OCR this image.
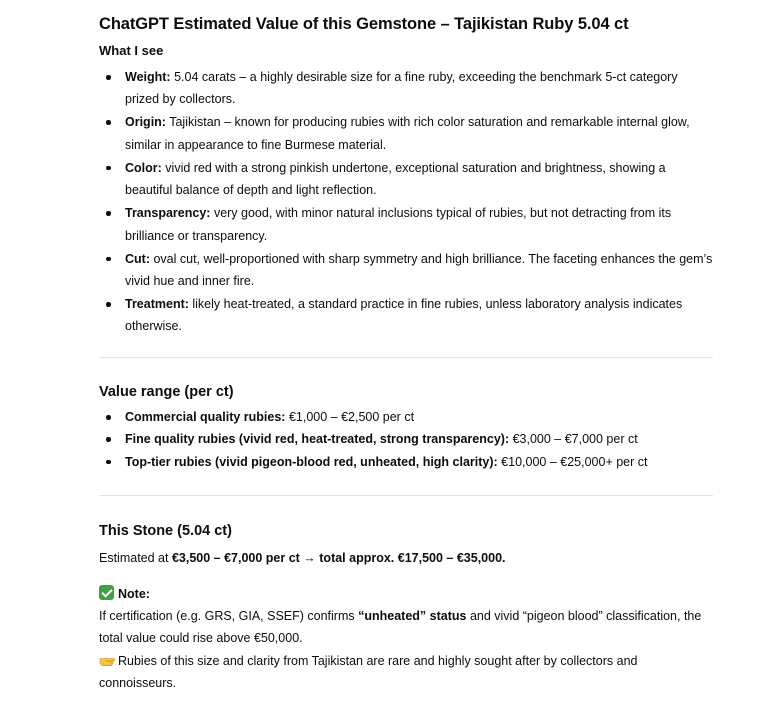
ChatGPT Estimated Value of this Gemstone – Tajikistan Ruby 5.04 ct
What I see
Weight: 5.04 carats – a highly desirable size for a fine ruby, exceeding the benchmark 5-ct category prized by collectors.
Origin: Tajikistan – known for producing rubies with rich color saturation and remarkable internal glow, similar in appearance to fine Burmese material.
Color: vivid red with a strong pinkish undertone, exceptional saturation and brightness, showing a beautiful balance of depth and light reflection.
Transparency: very good, with minor natural inclusions typical of rubies, but not detracting from its brilliance or transparency.
Cut: oval cut, well-proportioned with sharp symmetry and high brilliance. The faceting enhances the gem’s vivid hue and inner fire.
Treatment: likely heat-treated, a standard practice in fine rubies, unless laboratory analysis indicates otherwise.
Value range (per ct)
Commercial quality rubies: €1,000 – €2,500 per ct
Fine quality rubies (vivid red, heat-treated, strong transparency): €3,000 – €7,000 per ct
Top-tier rubies (vivid pigeon-blood red, unheated, high clarity): €10,000 – €25,000+ per ct
This Stone (5.04 ct)
Estimated at €3,500 – €7,000 per ct → total approx. €17,500 – €35,000.
Note:
If certification (e.g. GRS, GIA, SSEF) confirms “unheated” status and vivid “pigeon blood” classification, the total value could rise above €50,000.
Rubies of this size and clarity from Tajikistan are rare and highly sought after by collectors and connoisseurs.
